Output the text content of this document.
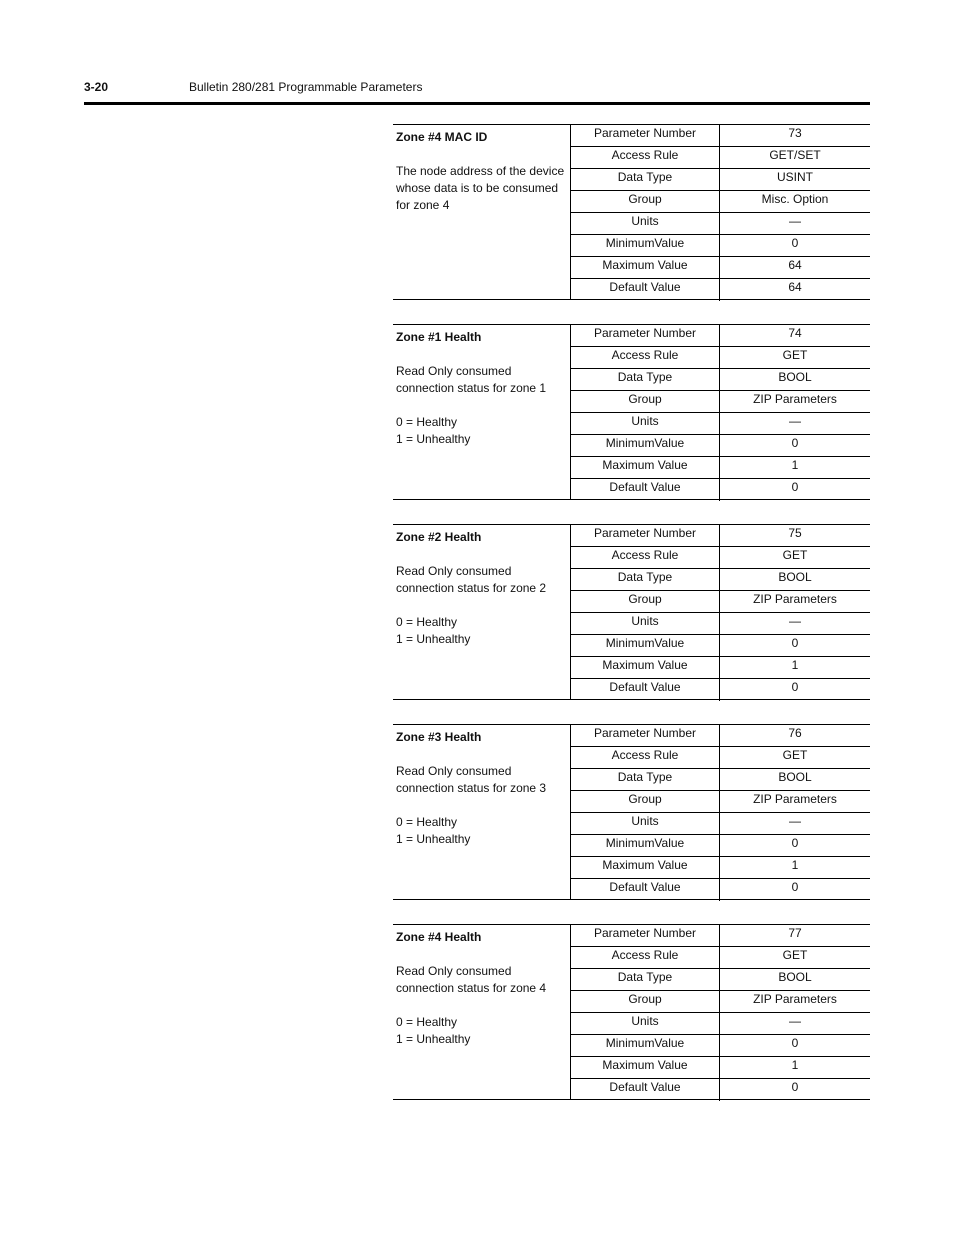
3-20	Bulletin 280/281 Programmable Parameters
Zone #4 MAC ID
The node address of the device whose data is to be consumed for zone 4
Parameter Number	73
Access Rule	GET/SET
Data Type	USINT
Group	Misc. Option
Units	—
MinimumValue	0
Maximum Value	64
Default Value	64
Zone #1 Health
Read Only consumed connection status for zone 1
0 = Healthy
1 = Unhealthy
Parameter Number	74
Access Rule	GET
Data Type	BOOL
Group	ZIP Parameters
Units	—
MinimumValue	0
Maximum Value	1
Default Value	0
Zone #2 Health
Read Only consumed connection status for zone 2
0 = Healthy
1 = Unhealthy
Parameter Number	75
Access Rule	GET
Data Type	BOOL
Group	ZIP Parameters
Units	—
MinimumValue	0
Maximum Value	1
Default Value	0
Zone #3 Health
Read Only consumed connection status for zone 3
0 = Healthy
1 = Unhealthy
Parameter Number	76
Access Rule	GET
Data Type	BOOL
Group	ZIP Parameters
Units	—
MinimumValue	0
Maximum Value	1
Default Value	0
Zone #4 Health
Read Only consumed connection status for zone 4
0 = Healthy
1 = Unhealthy
Parameter Number	77
Access Rule	GET
Data Type	BOOL
Group	ZIP Parameters
Units	—
MinimumValue	0
Maximum Value	1
Default Value	0
